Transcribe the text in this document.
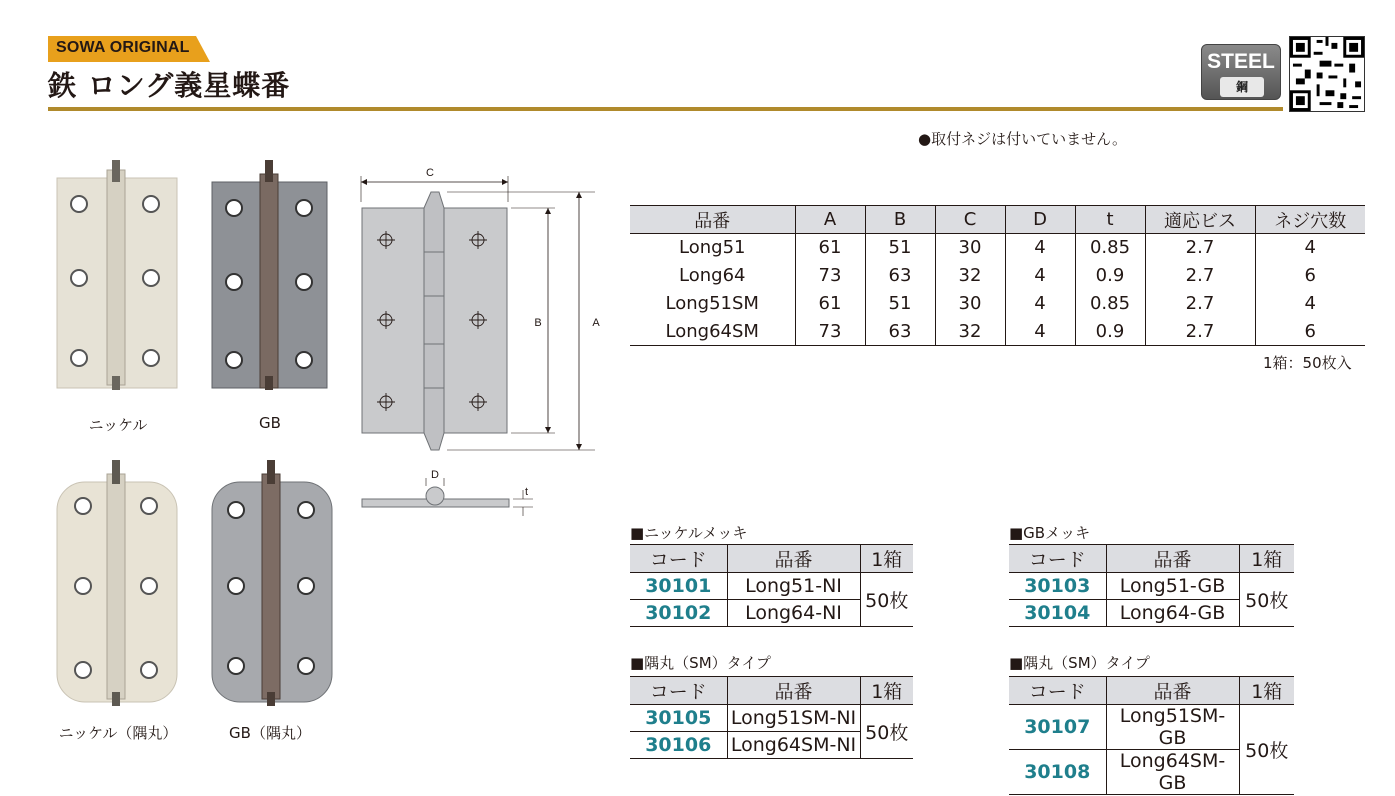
SOWA ORIGINAL
鉄 ロング義星蝶番
STEEL
鋼
●取付ネジは付いていません。
ニッケル	GB
ニッケル（隅丸）	GB（隅丸）
C
B	A
D
t
品番	A	B	C	D	t	適応ビス	ネジ穴数
Long51	61	51	30	4	0.85	2.7	4
Long64	73	63	32	4	0.9	2.7	6
Long51SM	61	51	30	4	0.85	2.7	4
Long64SM	73	63	32	4	0.9	2.7	6
1箱：50枚入
■ニッケルメッキ
コード	品番	1箱
30101	Long51-NI	50枚
30102	Long64-NI	
■GBメッキ
コード	品番	1箱
30103	Long51-GB	50枚
30104	Long64-GB	
■隅丸（SM）タイプ
コード	品番	1箱
30105	Long51SM-NI	50枚
30106	Long64SM-NI	
■隅丸（SM）タイプ
コード	品番	1箱
30107	Long51SM-GB	50枚
30108	Long64SM-GB	
